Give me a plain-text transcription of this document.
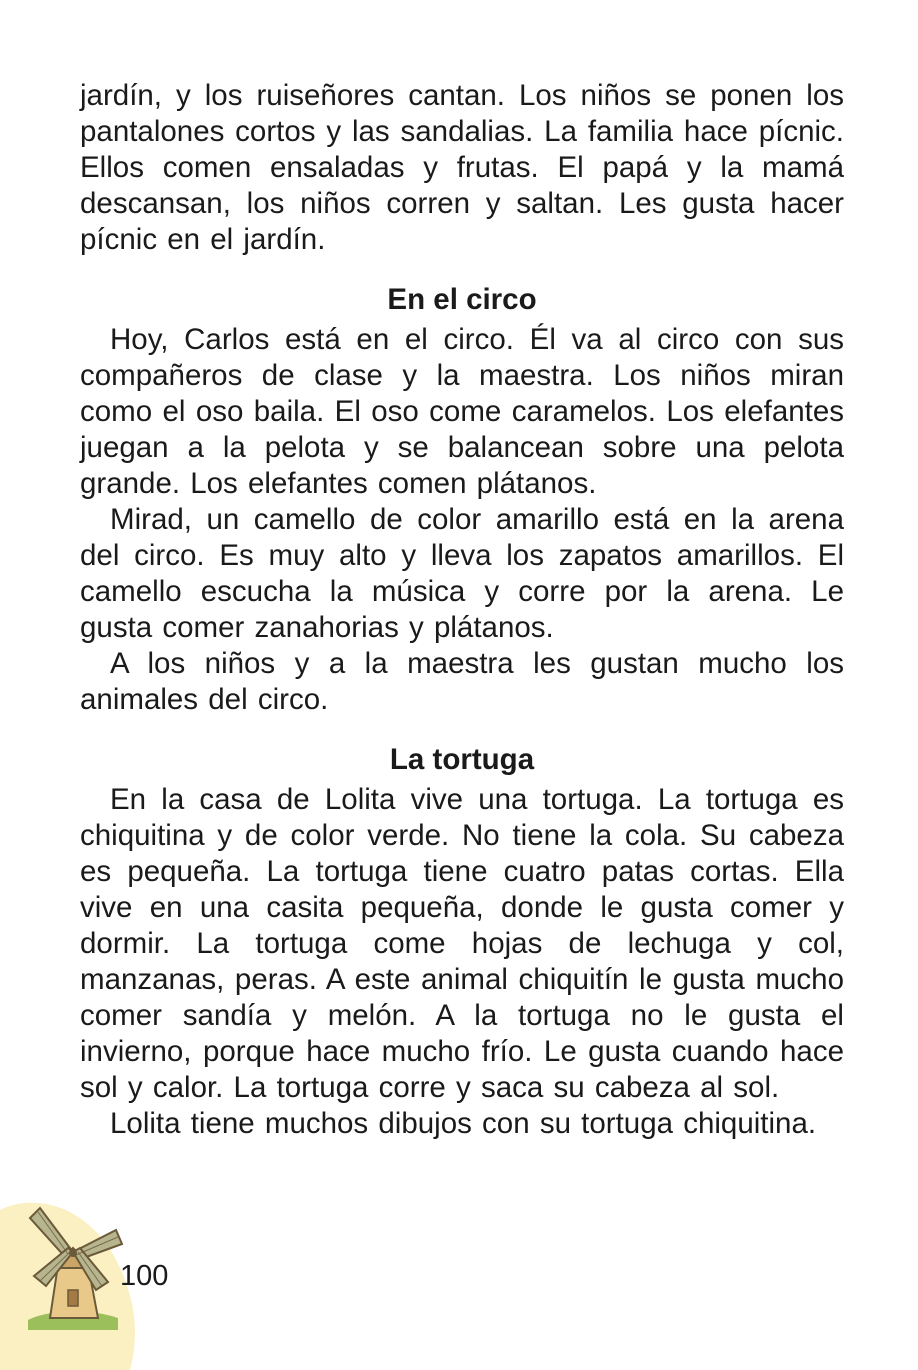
jardín, y los ruiseñores cantan. Los niños se ponen los pantalones cortos y las sandalias. La familia hace pícnic. Ellos comen ensaladas y frutas. El papá y la mamá descansan, los niños corren y saltan. Les gusta hacer pícnic en el jardín.

En el circo

Hoy, Carlos está en el circo. Él va al circo con sus compañeros de clase y la maestra. Los niños miran como el oso baila. El oso come caramelos. Los elefantes juegan a la pelota y se balancean sobre una pelota grande. Los elefantes comen plátanos.

Mirad, un camello de color amarillo está en la arena del circo. Es muy alto y lleva los zapatos amarillos. El camello escucha la música y corre por la arena. Le gusta comer zanahorias y plátanos.

A los niños y a la maestra les gustan mucho los animales del circo.

La tortuga

En la casa de Lolita vive una tortuga. La tortuga es chiquitina y de color verde. No tiene la cola. Su cabeza es pequeña. La tortuga tiene cuatro patas cortas. Ella vive en una casita pequeña, donde le gusta comer y dormir. La tortuga come hojas de lechuga y col, manzanas, peras. A este animal chiquitín le gusta mucho comer sandía y melón. A la tortuga no le gusta el invierno, porque hace mucho frío. Le gusta cuando hace sol y calor. La tortuga corre y saca su cabeza al sol.

Lolita tiene muchos dibujos con su tortuga chiquitina.

100
